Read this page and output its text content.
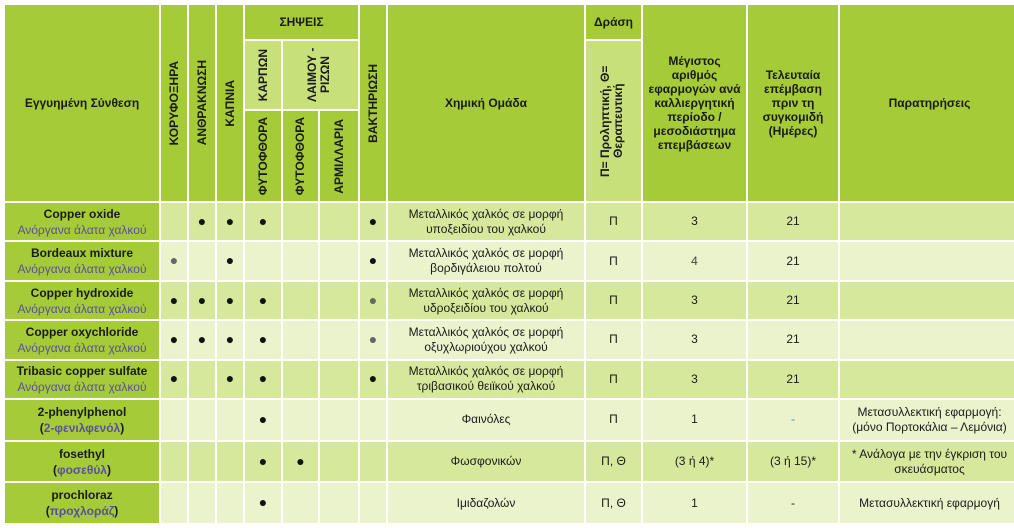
Εγγυημένη Σύνθεση	ΚΟΡΥΦΟΞΗΡΑ	ΑΝΘΡΑΚΝΩΣΗ	ΚΑΠΝΙΑ	ΣΗΨΕΙΣ			ΒΑΚΤΗΡΙΩΣΗ	Χημική Ομάδα	Δράση	Μέγιστος αριθμός εφαρμογών ανά καλλιεργητική περίοδο / μεσοδιάστημα επεμβάσεων	Τελευταία επέμβαση πριν τη συγκομιδή (Ημέρες)	Παρατηρήσεις

				ΚΑΡΠΩΝ	ΛΑΙΜΟΥ - ΡΙΖΩΝ				Π= Προληπτική, Θ= Θεραπευτική			

				ΦΥΤΟΦΘΟΡΑ	ΦΥΤΟΦΘΟΡΑ	ΑΡΜΙΛΛΑΡΙΑ						

Copper oxide
Ανόργανα άλατα χαλκού		●	●	●			●	Μεταλλικός χαλκός σε μορφή υποξειδίου του χαλκού	Π	3	21	

Bordeaux mixture
Ανόργανα άλατα χαλκού	●		●				●	Μεταλλικός χαλκός σε μορφή βορδιγάλειου πολτού	Π	4	21	

Copper hydroxide
Ανόργανα άλατα χαλκού	●	●	●	●			●	Μεταλλικός χαλκός σε μορφή υδροξειδίου του χαλκού	Π	3	21	

Copper oxychloride
Ανόργανα άλατα χαλκού	●	●	●	●			●	Μεταλλικός χαλκός σε μορφή οξυχλωριούχου χαλκού	Π	3	21	

Tribasic copper sulfate
Ανόργανα άλατα χαλκού	●		●	●			●	Μεταλλικός χαλκός σε μορφή τριβασικού θειϊκού χαλκού	Π	3	21	

2-phenylphenol
(2-φενιλφενόλ)				●				Φαινόλες	Π	1	-	Μετασυλλεκτική εφαρμογή: (μόνο Πορτοκάλια – Λεμόνια)

fosethyl
(φοσεθύλ)				●	●			Φωσφονικών	Π, Θ	(3 ή 4)*	(3 ή 15)*	* Ανάλογα με την έγκριση του σκευάσματος

prochloraz
(προχλοράζ)				●				Ιμιδαζολών	Π, Θ	1	-	Μετασυλλεκτική εφαρμογή
